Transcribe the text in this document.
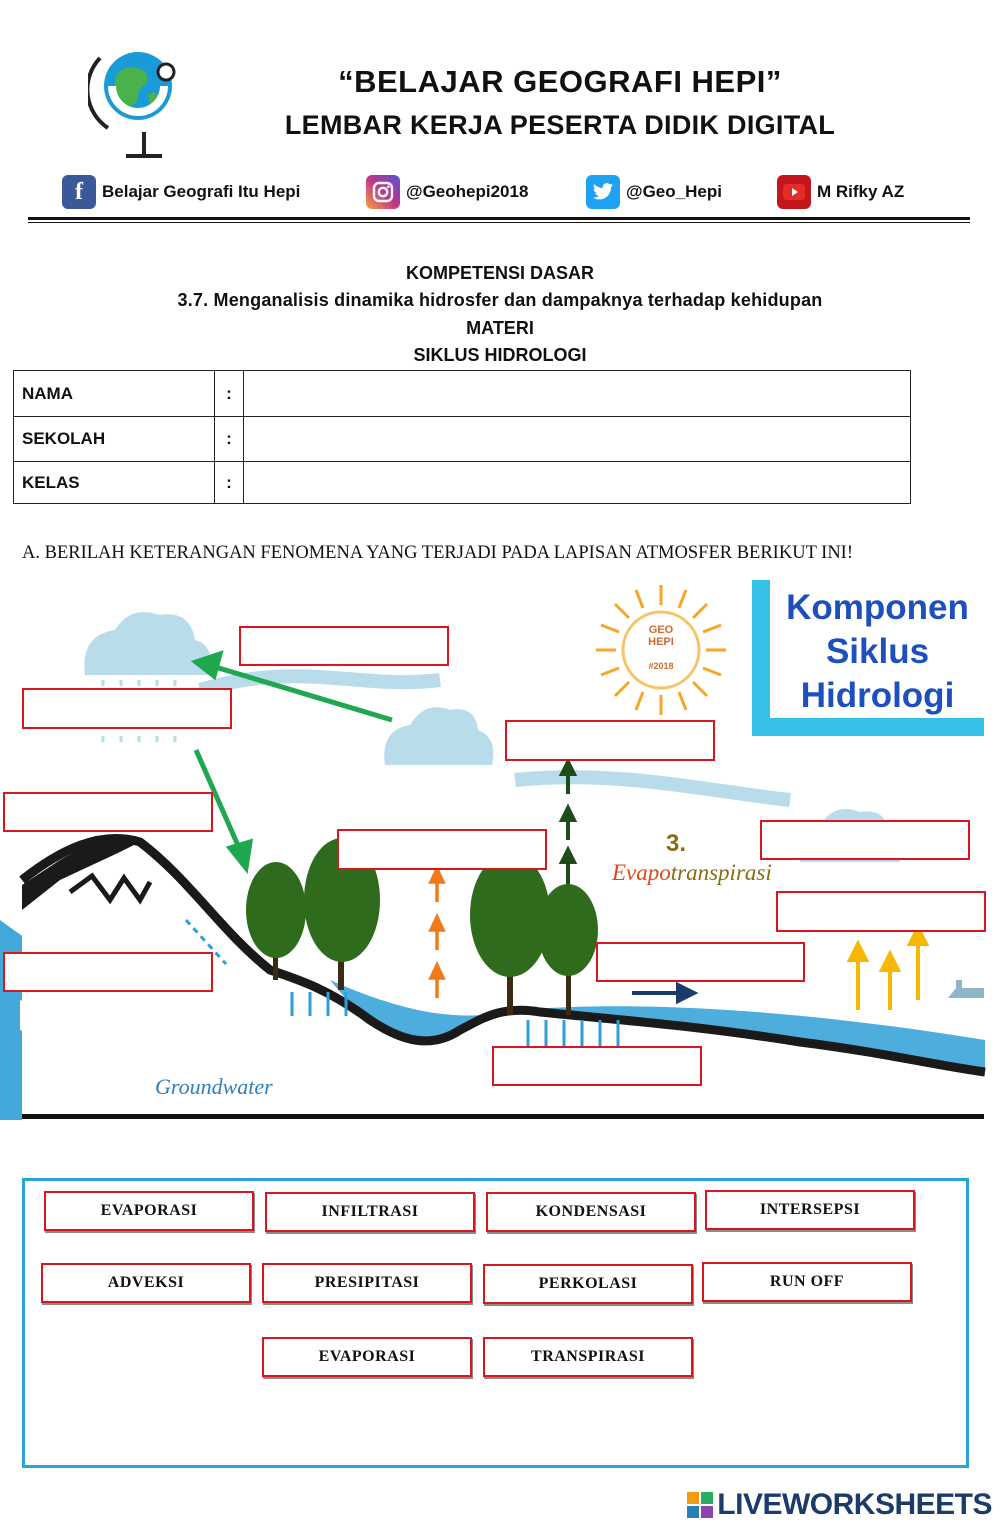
“BELAJAR GEOGRAFI HEPI”
LEMBAR KERJA PESERTA DIDIK DIGITAL
f	Belajar Geografi Itu Hepi	@Geohepi2018	@Geo_Hepi	M Rifky AZ
KOMPETENSI DASAR
3.7. Menganalisis dinamika hidrosfer dan dampaknya terhadap kehidupan
MATERI
SIKLUS HIDROLOGI
NAMA	:	
SEKOLAH	:	
KELAS	:	
A. BERILAH KETERANGAN FENOMENA YANG TERJADI PADA LAPISAN ATMOSFER BERIKUT INI!
Komponen
Siklus
Hidrologi
GEO
HEPI
#2018
3.
Evapotranspirasi
Groundwater
EVAPORASI	INFILTRASI	KONDENSASI	INTERSEPSI
ADVEKSI	PRESIPITASI	PERKOLASI	RUN OFF
EVAPORASI	TRANSPIRASI
LIVEWORKSHEETS
